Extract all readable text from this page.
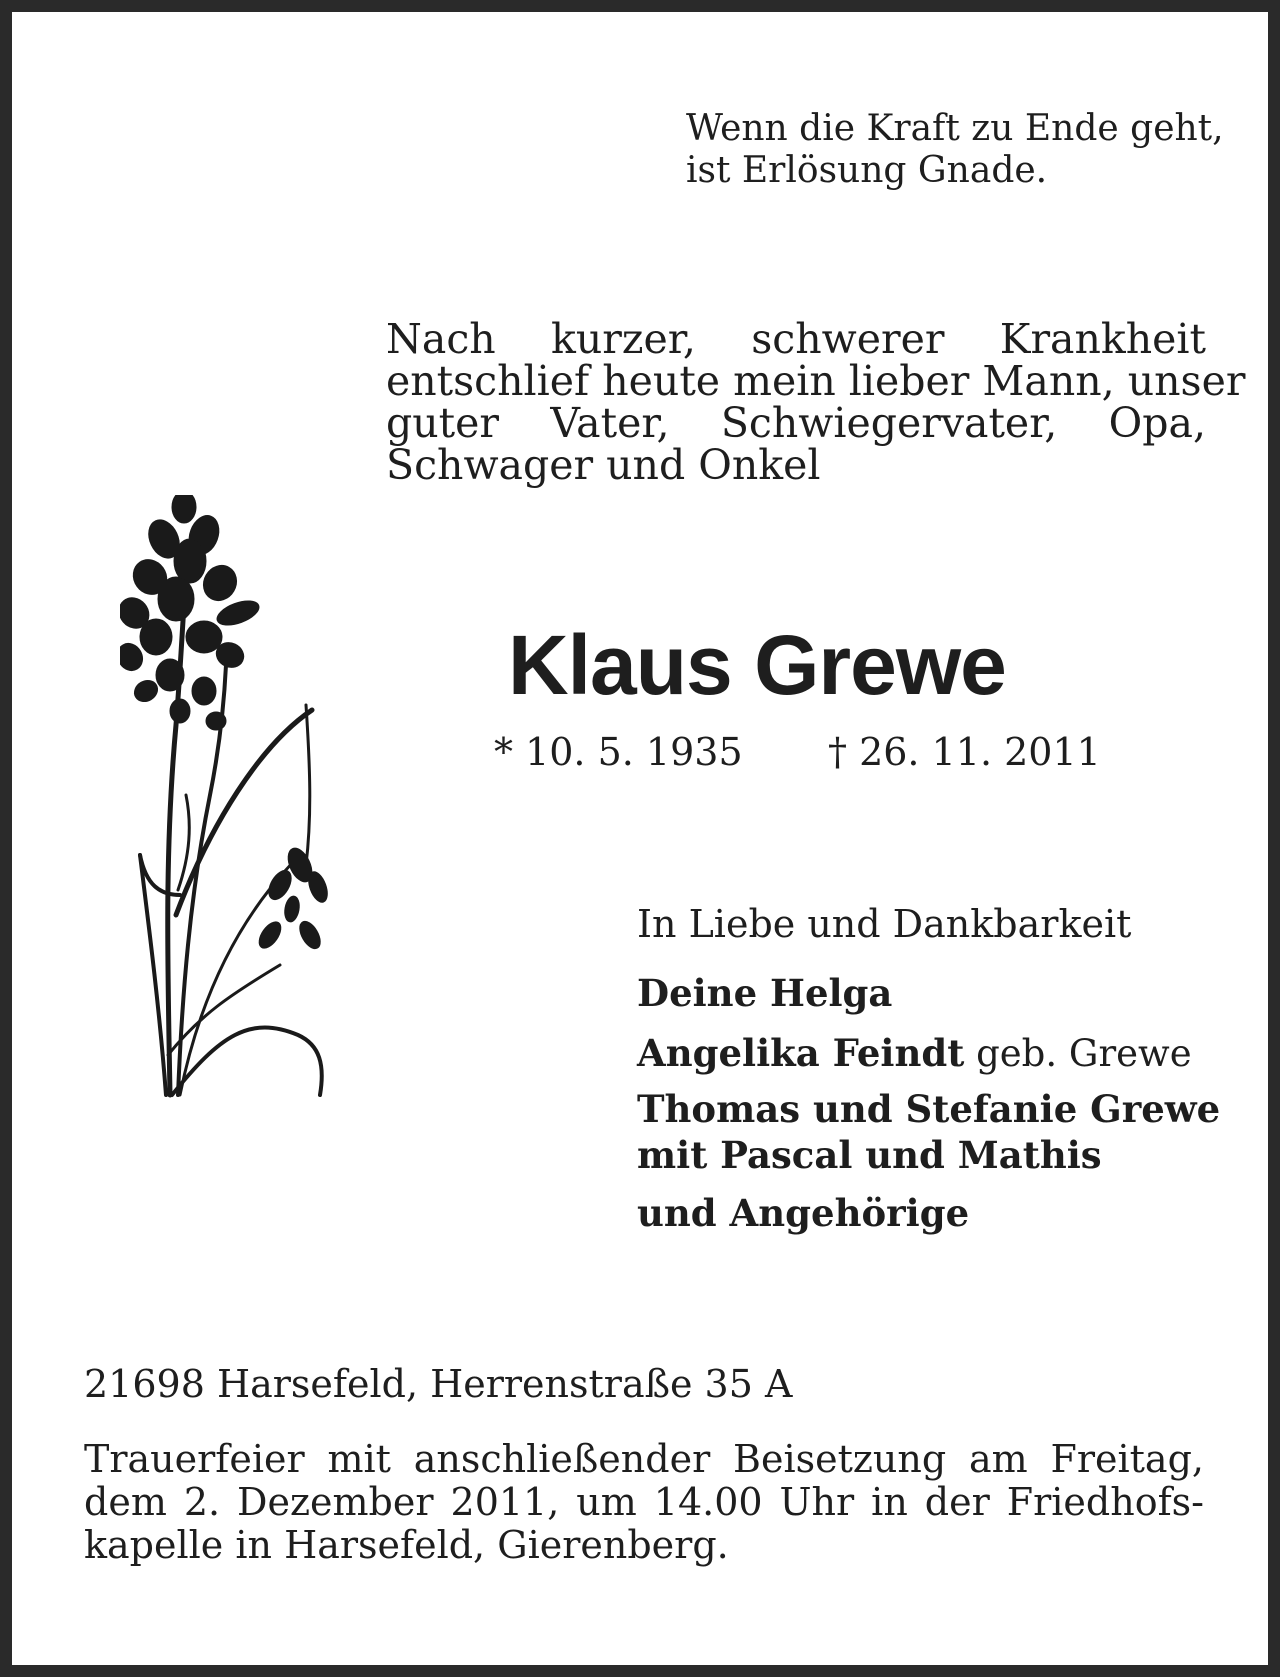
Wenn die Kraft zu Ende geht,
ist Erlösung Gnade.
Nach kurzer, schwerer Krankheit
entschlief heute mein lieber Mann, unser
guter Vater, Schwiegervater, Opa,
Schwager und Onkel
Klaus Grewe
* 10. 5. 1935 † 26. 11. 2011
In Liebe und Dankbarkeit
Deine Helga
Angelika Feindt geb. Grewe
Thomas und Stefanie Grewe
mit Pascal und Mathis
und Angehörige
21698 Harsefeld, Herrenstraße 35 A
Trauerfeier mit anschließender Beisetzung am Freitag,
dem 2. Dezember 2011, um 14.00 Uhr in der Friedhofs-
kapelle in Harsefeld, Gierenberg.
